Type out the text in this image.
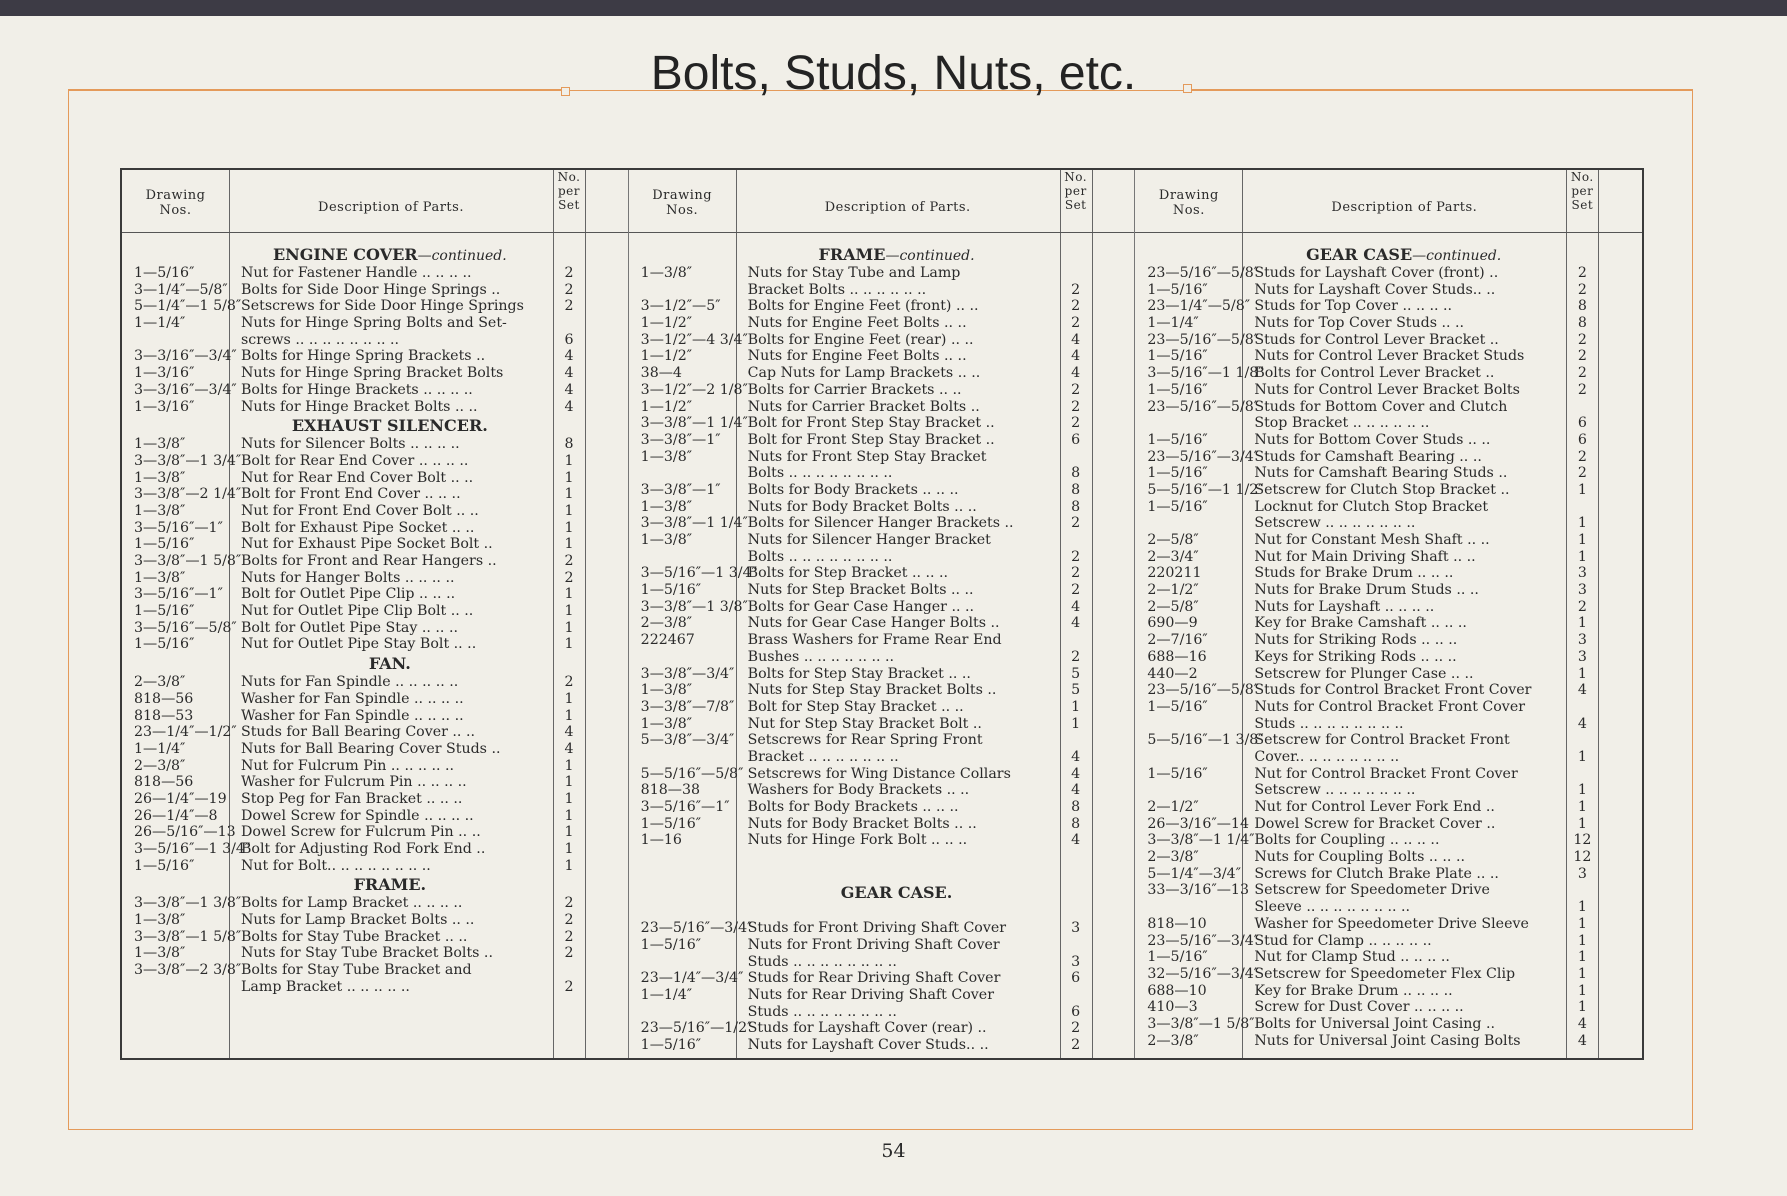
Bolts, Studs, Nuts, etc.
Drawing
Nos.	Description of Parts.
No.
per
Set
ENGINE COVER—continued.
1—5/16″	Nut for Fastener Handle .. .. .. ..	2
3—1/4″—5/8″ Bolts for Side Door Hinge Springs ..	2
5—1/4″—1 5/8″ Setscrews for Side Door Hinge Springs	2
1—1/4″	Nuts for Hinge Spring Bolts and Set-
screws .. .. .. .. .. .. .. ..	6
3—3/16″—3/4″ Bolts for Hinge Spring Brackets ..	4
1—3/16″	Nuts for Hinge Spring Bracket Bolts	4
3—3/16″—3/4″ Bolts for Hinge Brackets .. .. .. ..	4
1—3/16″	Nuts for Hinge Bracket Bolts .. ..	4
EXHAUST SILENCER.
1—3/8″	Nuts for Silencer Bolts .. .. .. ..	8
3—3/8″—1 3/4″ Bolt for Rear End Cover .. .. .. ..	1
1—3/8″	Nut for Rear End Cover Bolt .. ..	1
3—3/8″—2 1/4″ Bolt for Front End Cover .. .. ..	1
1—3/8″	Nut for Front End Cover Bolt .. ..	1
3—5/16″—1″ Bolt for Exhaust Pipe Socket .. ..	1
1—5/16″	Nut for Exhaust Pipe Socket Bolt ..	1
3—3/8″—1 5/8″ Bolts for Front and Rear Hangers ..	2
1—3/8″	Nuts for Hanger Bolts .. .. .. ..	2
3—5/16″—1″ Bolt for Outlet Pipe Clip .. .. ..	1
1—5/16″	Nut for Outlet Pipe Clip Bolt .. ..	1
3—5/16″—5/8″ Bolt for Outlet Pipe Stay .. .. ..	1
1—5/16″	Nut for Outlet Pipe Stay Bolt .. ..	1
FAN.
2—3/8″	Nuts for Fan Spindle .. .. .. .. ..	2
818—56	Washer for Fan Spindle .. .. .. ..	1
818—53	Washer for Fan Spindle .. .. .. ..	1
23—1/4″—1/2″ Studs for Ball Bearing Cover .. ..	4
1—1/4″	Nuts for Ball Bearing Cover Studs ..	4
2—3/8″	Nut for Fulcrum Pin .. .. .. .. ..	1
818—56	Washer for Fulcrum Pin .. .. .. ..	1
26—1/4″—19 Stop Peg for Fan Bracket .. .. ..	1
26—1/4″—8	Dowel Screw for Spindle .. .. .. ..	1
26—5/16″—13 Dowel Screw for Fulcrum Pin .. ..	1
3—5/16″—1 3/4″
Bolt for Adjusting Rod Fork End ..	1
1—5/16″	Nut for Bolt.. .. .. .. .. .. .. ..	1
FRAME.
3—3/8″—1 3/8″ Bolts for Lamp Bracket .. .. .. ..	2
1—3/8″	Nuts for Lamp Bracket Bolts .. ..	2
3—3/8″—1 5/8″ Bolts for Stay Tube Bracket .. ..	2
1—3/8″	Nuts for Stay Tube Bracket Bolts ..	2
3—3/8″—2 3/8″ Bolts for Stay Tube Bracket and
Lamp Bracket .. .. .. .. ..	2
Drawing
Nos.	Description of Parts.
No.
per
Set
FRAME—continued.
1—3/8″	Nuts for Stay Tube and Lamp
Bracket Bolts .. .. .. .. .. ..	2
3—1/2″—5″	Bolts for Engine Feet (front) .. ..	2
1—1/2″	Nuts for Engine Feet Bolts .. ..	2
3—1/2″—4 3/4″ Bolts for Engine Feet (rear) .. ..	4
1—1/2″	Nuts for Engine Feet Bolts .. ..	4
38—4	Cap Nuts for Lamp Brackets .. ..	4
3—1/2″—2 1/8″ Bolts for Carrier Brackets .. ..	2
1—1/2″	Nuts for Carrier Bracket Bolts ..	2
3—3/8″—1 1/4″ Bolt for Front Step Stay Bracket ..	2
3—3/8″—1″	Bolt for Front Step Stay Bracket ..	6
1—3/8″	Nuts for Front Step Stay Bracket
Bolts .. .. .. .. .. .. .. ..	8
3—3/8″—1″	Bolts for Body Brackets .. .. ..	8
1—3/8″	Nuts for Body Bracket Bolts .. ..	8
3—3/8″—1 1/4″ Bolts for Silencer Hanger Brackets ..	2
1—3/8″	Nuts for Silencer Hanger Bracket
Bolts .. .. .. .. .. .. .. ..	2
3—5/16″—1 3/4″
Bolts for Step Bracket .. .. ..	2
1—5/16″	Nuts for Step Bracket Bolts .. ..	2
3—3/8″—1 3/8″ Bolts for Gear Case Hanger .. ..	4
2—3/8″	Nuts for Gear Case Hanger Bolts ..	4
222467	Brass Washers for Frame Rear End
Bushes .. .. .. .. .. .. ..	2
3—3/8″—3/4″ Bolts for Step Stay Bracket .. ..	5
1—3/8″	Nuts for Step Stay Bracket Bolts ..	5
3—3/8″—7/8″ Bolt for Step Stay Bracket .. ..	1
1—3/8″	Nut for Step Stay Bracket Bolt ..	1
5—3/8″—3/4″ Setscrews for Rear Spring Front
Bracket .. .. .. .. .. .. ..	4
5—5/16″—5/8″ Setscrews for Wing Distance Collars	4
818—38	Washers for Body Brackets .. ..	4
3—5/16″—1″ Bolts for Body Brackets .. .. ..	8
1—5/16″	Nuts for Body Bracket Bolts .. ..	8
1—16	Nuts for Hinge Fork Bolt .. .. ..	4
GEAR CASE.
23—5/16″—3/4″
Studs for Front Driving Shaft Cover	3
1—5/16″	Nuts for Front Driving Shaft Cover
Studs .. .. .. .. .. .. .. ..	3
23—1/4″—3/4″ Studs for Rear Driving Shaft Cover	6
1—1/4″	Nuts for Rear Driving Shaft Cover
Studs .. .. .. .. .. .. .. ..	6
23—5/16″—1/2″
Studs for Layshaft Cover (rear) ..	2
1—5/16″	Nuts for Layshaft Cover Studs.. ..	2
Drawing
Nos.	Description of Parts.
No.
per
Set
GEAR CASE—continued.
23—5/16″—5/8″
Studs for Layshaft Cover (front) ..	2
1—5/16″	Nuts for Layshaft Cover Studs.. ..	2
23—1/4″—5/8″ Studs for Top Cover .. .. .. ..	8
1—1/4″	Nuts for Top Cover Studs .. ..	8
23—5/16″—5/8″
Studs for Control Lever Bracket ..	2
1—5/16″	Nuts for Control Lever Bracket Studs	2
3—5/16″—1 1/8″
Bolts for Control Lever Bracket ..	2
1—5/16″	Nuts for Control Lever Bracket Bolts	2
23—5/16″—5/8″
Studs for Bottom Cover and Clutch
Stop Bracket .. .. .. .. .. ..	6
1—5/16″	Nuts for Bottom Cover Studs .. ..	6
23—5/16″—3/4″
Studs for Camshaft Bearing .. ..	2
1—5/16″	Nuts for Camshaft Bearing Studs ..	2
5—5/16″—1 1/2″
Setscrew for Clutch Stop Bracket ..	1
1—5/16″	Locknut for Clutch Stop Bracket
Setscrew .. .. .. .. .. .. ..	1
2—5/8″	Nut for Constant Mesh Shaft .. ..	1
2—3/4″	Nut for Main Driving Shaft .. ..	1
220211	Studs for Brake Drum .. .. ..	3
2—1/2″	Nuts for Brake Drum Studs .. ..	3
2—5/8″	Nuts for Layshaft .. .. .. ..	2
690—9	Key for Brake Camshaft .. .. ..	1
2—7/16″	Nuts for Striking Rods .. .. ..	3
688—16	Keys for Striking Rods .. .. ..	3
440—2	Setscrew for Plunger Case .. ..	1
23—5/16″—5/8″
Studs for Control Bracket Front Cover	4
1—5/16″	Nuts for Control Bracket Front Cover
Studs .. .. .. .. .. .. .. ..	4
5—5/16″—1 3/8″
Setscrew for Control Bracket Front
Cover.. .. .. .. .. .. .. ..	1
1—5/16″	Nut for Control Bracket Front Cover
Setscrew .. .. .. .. .. .. ..	1
2—1/2″	Nut for Control Lever Fork End ..	1
26—3/16″—14 Dowel Screw for Bracket Cover ..	1
3—3/8″—1 1/4″ Bolts for Coupling .. .. .. ..	12
2—3/8″	Nuts for Coupling Bolts .. .. ..	12
5—1/4″—3/4″ Screws for Clutch Brake Plate .. ..	3
33—3/16″—13 Setscrew for Speedometer Drive
Sleeve .. .. .. .. .. .. .. ..	1
818—10	Washer for Speedometer Drive Sleeve	1
23—5/16″—3/4″
Stud for Clamp .. .. .. .. ..	1
1—5/16″	Nut for Clamp Stud .. .. .. ..	1
32—5/16″—3/4″
Setscrew for Speedometer Flex Clip	1
688—10	Key for Brake Drum .. .. .. ..	1
410—3	Screw for Dust Cover .. .. .. ..	1
3—3/8″—1 5/8″ Bolts for Universal Joint Casing ..	4
2—3/8″	Nuts for Universal Joint Casing Bolts	4
54
